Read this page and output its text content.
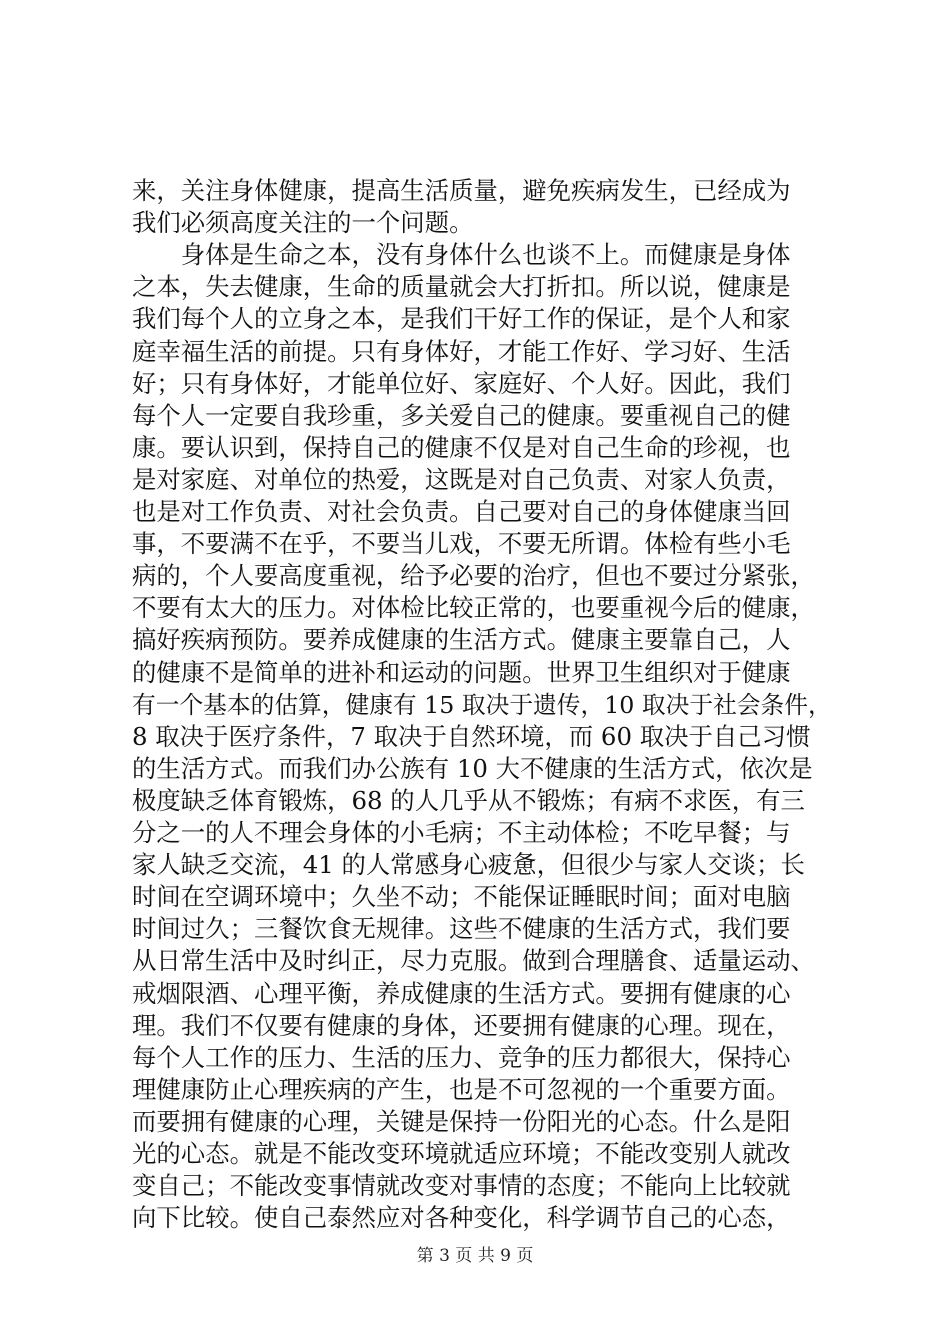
来，关注身体健康，提高生活质量，避免疾病发生，已经成为
我们必须高度关注的一个问题。
　　身体是生命之本，没有身体什么也谈不上。而健康是身体
之本，失去健康，生命的质量就会大打折扣。所以说，健康是
我们每个人的立身之本，是我们干好工作的保证，是个人和家
庭幸福生活的前提。只有身体好，才能工作好、学习好、生活
好；只有身体好，才能单位好、家庭好、个人好。因此，我们
每个人一定要自我珍重，多关爱自己的健康。要重视自己的健
康。要认识到，保持自己的健康不仅是对自己生命的珍视，也
是对家庭、对单位的热爱，这既是对自己负责、对家人负责，
也是对工作负责、对社会负责。自己要对自己的身体健康当回
事，不要满不在乎，不要当儿戏，不要无所谓。体检有些小毛
病的，个人要高度重视，给予必要的治疗，但也不要过分紧张，
不要有太大的压力。对体检比较正常的，也要重视今后的健康，
搞好疾病预防。要养成健康的生活方式。健康主要靠自己，人
的健康不是简单的进补和运动的问题。世界卫生组织对于健康
有一个基本的估算，健康有 15 取决于遗传，10 取决于社会条件，
8 取决于医疗条件，7 取决于自然环境，而 60 取决于自己习惯
的生活方式。而我们办公族有 10 大不健康的生活方式，依次是
极度缺乏体育锻炼，68 的人几乎从不锻炼；有病不求医，有三
分之一的人不理会身体的小毛病；不主动体检；不吃早餐；与
家人缺乏交流，41 的人常感身心疲惫，但很少与家人交谈；长
时间在空调环境中；久坐不动；不能保证睡眠时间；面对电脑
时间过久；三餐饮食无规律。这些不健康的生活方式，我们要
从日常生活中及时纠正，尽力克服。做到合理膳食、适量运动、
戒烟限酒、心理平衡，养成健康的生活方式。要拥有健康的心
理。我们不仅要有健康的身体，还要拥有健康的心理。现在，
每个人工作的压力、生活的压力、竞争的压力都很大，保持心
理健康防止心理疾病的产生，也是不可忽视的一个重要方面。
而要拥有健康的心理，关键是保持一份阳光的心态。什么是阳
光的心态。就是不能改变环境就适应环境；不能改变别人就改
变自己；不能改变事情就改变对事情的态度；不能向上比较就
向下比较。使自己泰然应对各种变化，科学调节自己的心态，
第 3 页 共 9 页
